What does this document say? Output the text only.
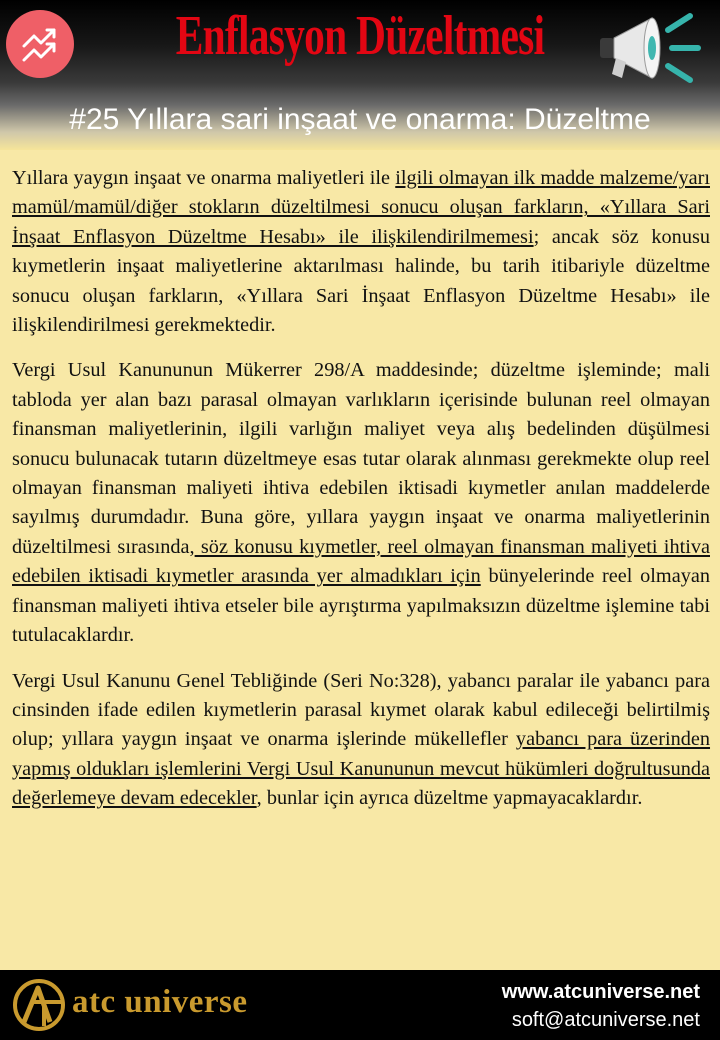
Enflasyon Düzeltmesi
#25 Yıllara sari inşaat ve onarma: Düzeltme

Yıllara yaygın inşaat ve onarma maliyetleri ile ilgili olmayan ilk madde malzeme/yarı mamül/mamül/diğer stokların düzeltilmesi sonucu oluşan farkların, «Yıllara Sari İnşaat Enflasyon Düzeltme Hesabı» ile ilişkilendirilmemesi; ancak söz konusu kıymetlerin inşaat maliyetlerine aktarılması halinde, bu tarih itibariyle düzeltme sonucu oluşan farkların, «Yıllara Sari İnşaat Enflasyon Düzeltme Hesabı» ile ilişkilendirilmesi gerekmektedir.

Vergi Usul Kanununun Mükerrer 298/A maddesinde; düzeltme işleminde; mali tabloda yer alan bazı parasal olmayan varlıkların içerisinde bulunan reel olmayan finansman maliyetlerinin, ilgili varlığın maliyet veya alış bedelinden düşülmesi sonucu bulunacak tutarın düzeltmeye esas tutar olarak alınması gerekmekte olup reel olmayan finansman maliyeti ihtiva edebilen iktisadi kıymetler anılan maddelerde sayılmış durumdadır. Buna göre, yıllara yaygın inşaat ve onarma maliyetlerinin düzeltilmesi sırasında, söz konusu kıymetler, reel olmayan finansman maliyeti ihtiva edebilen iktisadi kıymetler arasında yer almadıkları için bünyelerinde reel olmayan finansman maliyeti ihtiva etseler bile ayrıştırma yapılmaksızın düzeltme işlemine tabi tutulacaklardır.

Vergi Usul Kanunu Genel Tebliğinde (Seri No:328), yabancı paralar ile yabancı para cinsinden ifade edilen kıymetlerin parasal kıymet olarak kabul edileceği belirtilmiş olup; yıllara yaygın inşaat ve onarma işlerinde mükellefler yabancı para üzerinden yapmış oldukları işlemlerini Vergi Usul Kanununun mevcut hükümleri doğrultusunda değerlemeye devam edecekler, bunlar için ayrıca düzeltme yapmayacaklardır.

atc universe	www.atcuniverse.net
soft@atcuniverse.net
